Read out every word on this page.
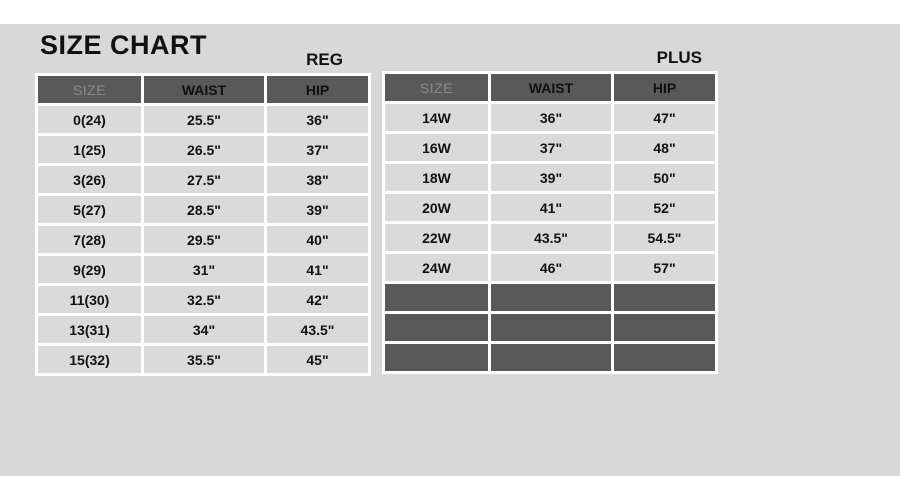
SIZE CHART	REG
SIZE	WAIST	HIP
0(24)	25.5"	36"
1(25)	26.5"	37"
3(26)	27.5"	38"
5(27)	28.5"	39"
7(28)	29.5"	40"
9(29)	31"	41"
11(30)	32.5"	42"
13(31)	34"	43.5"
15(32)	35.5"	45"
PLUS
SIZE	WAIST	HIP
14W	36"	47"
16W	37"	48"
18W	39"	50"
20W	41"	52"
22W	43.5"	54.5"
24W	46"	57"
